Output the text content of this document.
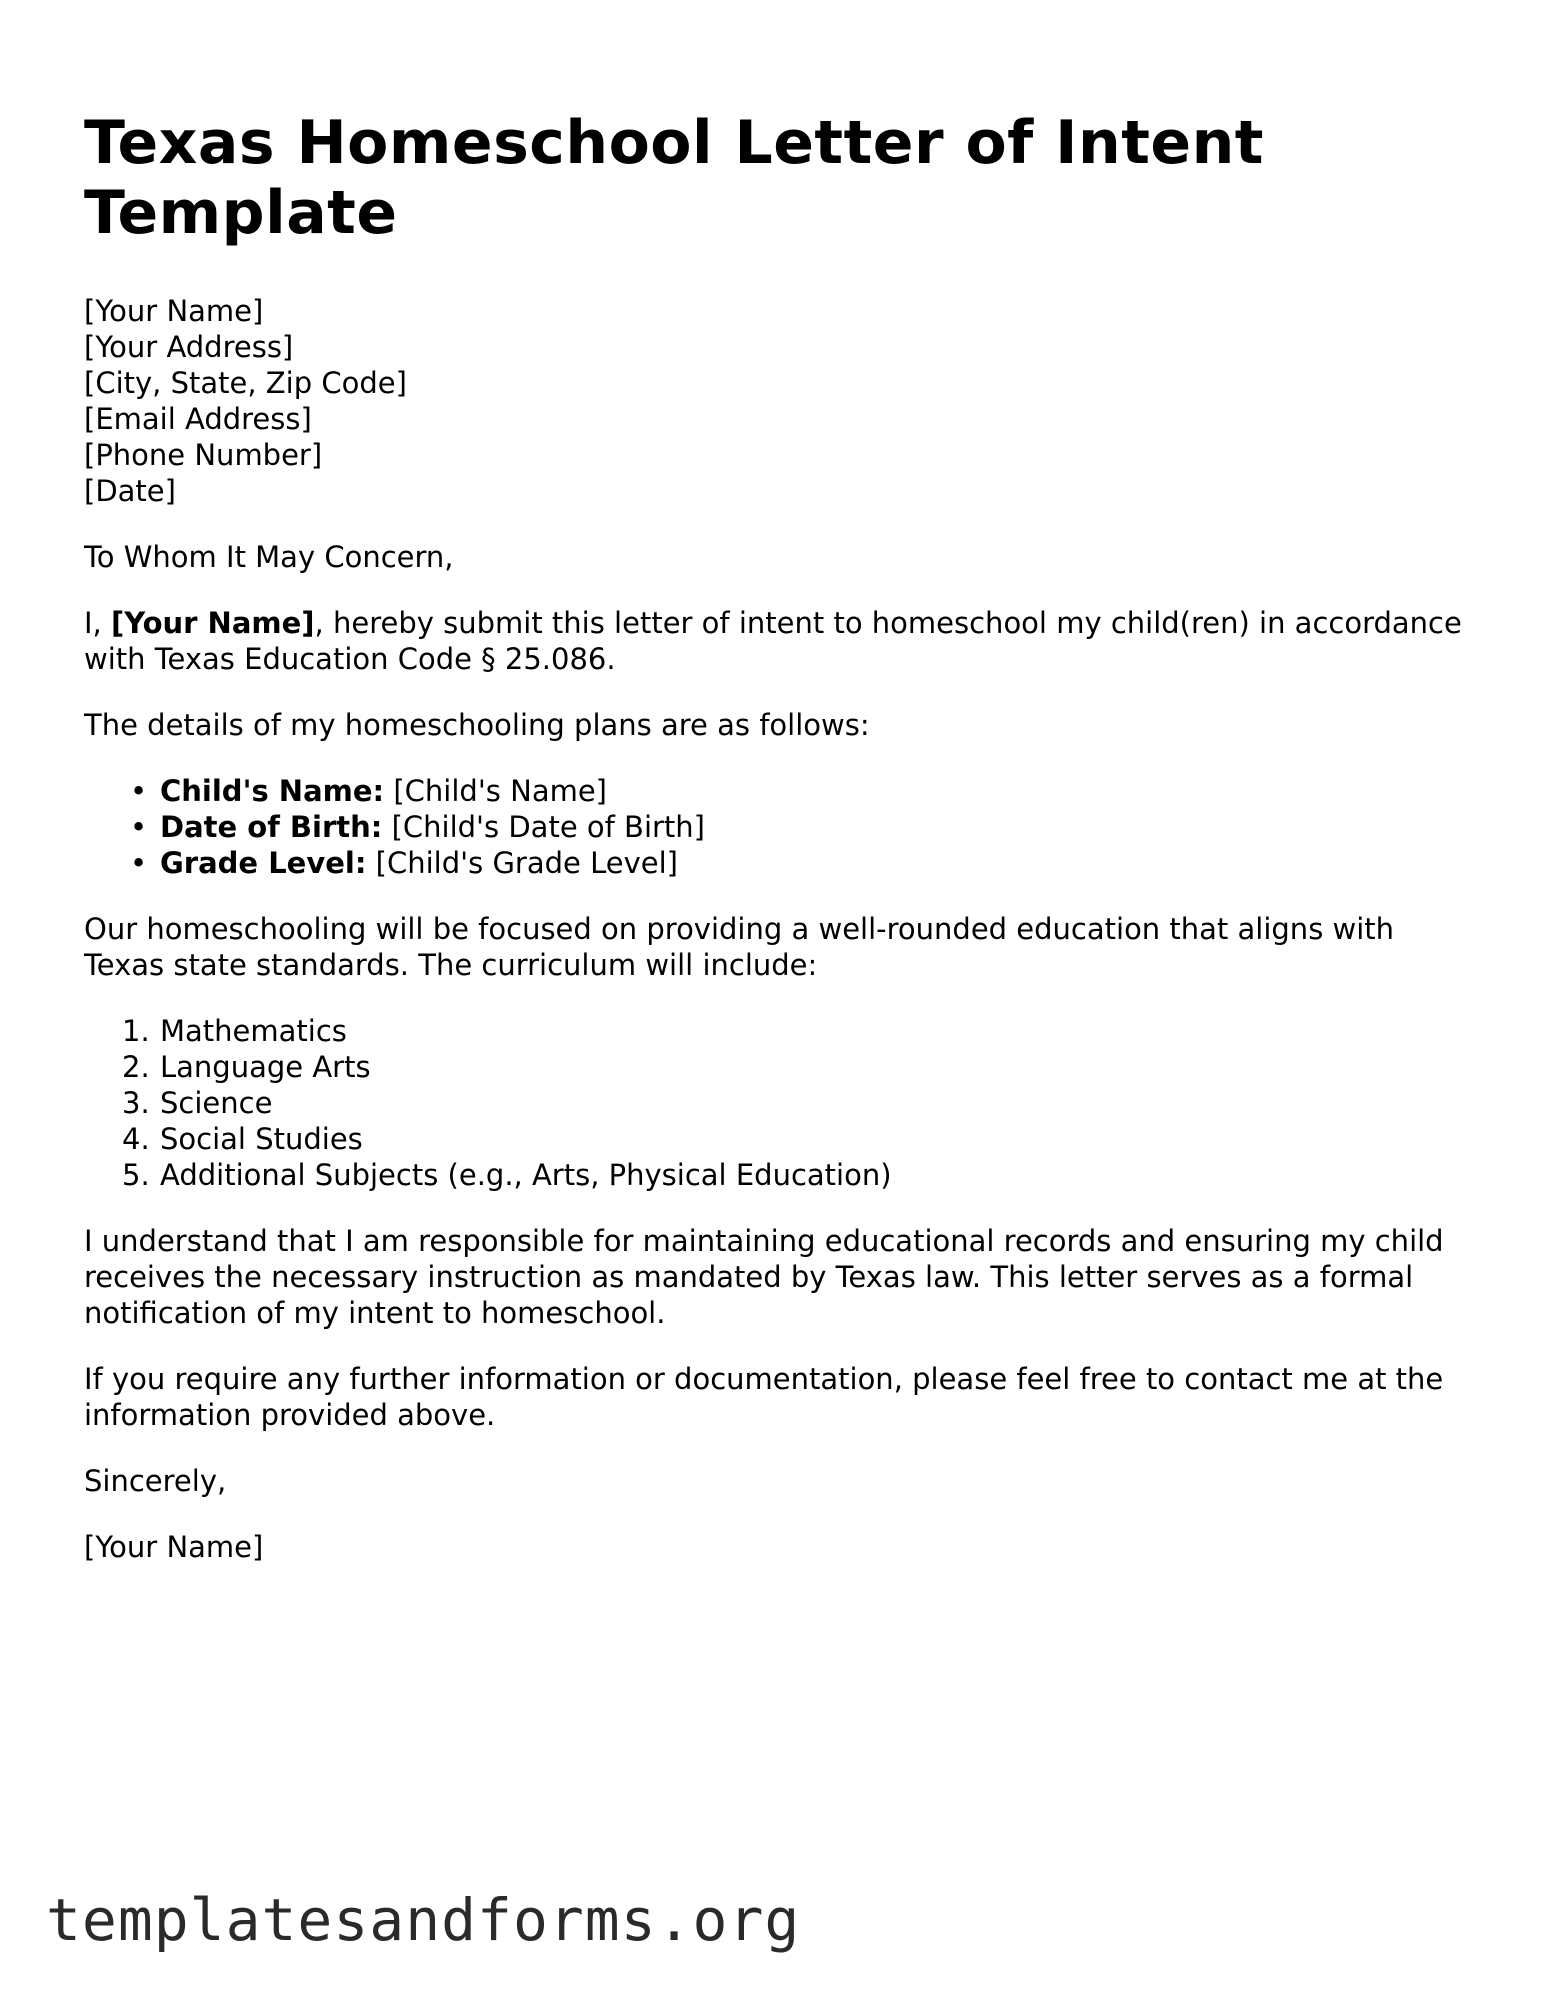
Texas Homeschool Letter of Intent Template
[Your Name]
[Your Address]
[City, State, Zip Code]
[Email Address]
[Phone Number]
[Date]

To Whom It May Concern,

I, [Your Name], hereby submit this letter of intent to homeschool my child(ren) in accordance with Texas Education Code § 25.086.

The details of my homeschooling plans are as follows:

• Child's Name: [Child's Name]
• Date of Birth: [Child's Date of Birth]
• Grade Level: [Child's Grade Level]

Our homeschooling will be focused on providing a well-rounded education that aligns with Texas state standards. The curriculum will include:

1. Mathematics
2. Language Arts
3. Science
4. Social Studies
5. Additional Subjects (e.g., Arts, Physical Education)

I understand that I am responsible for maintaining educational records and ensuring my child receives the necessary instruction as mandated by Texas law. This letter serves as a formal notification of my intent to homeschool.

If you require any further information or documentation, please feel free to contact me at the information provided above.

Sincerely,

[Your Name]

templatesandforms.org
